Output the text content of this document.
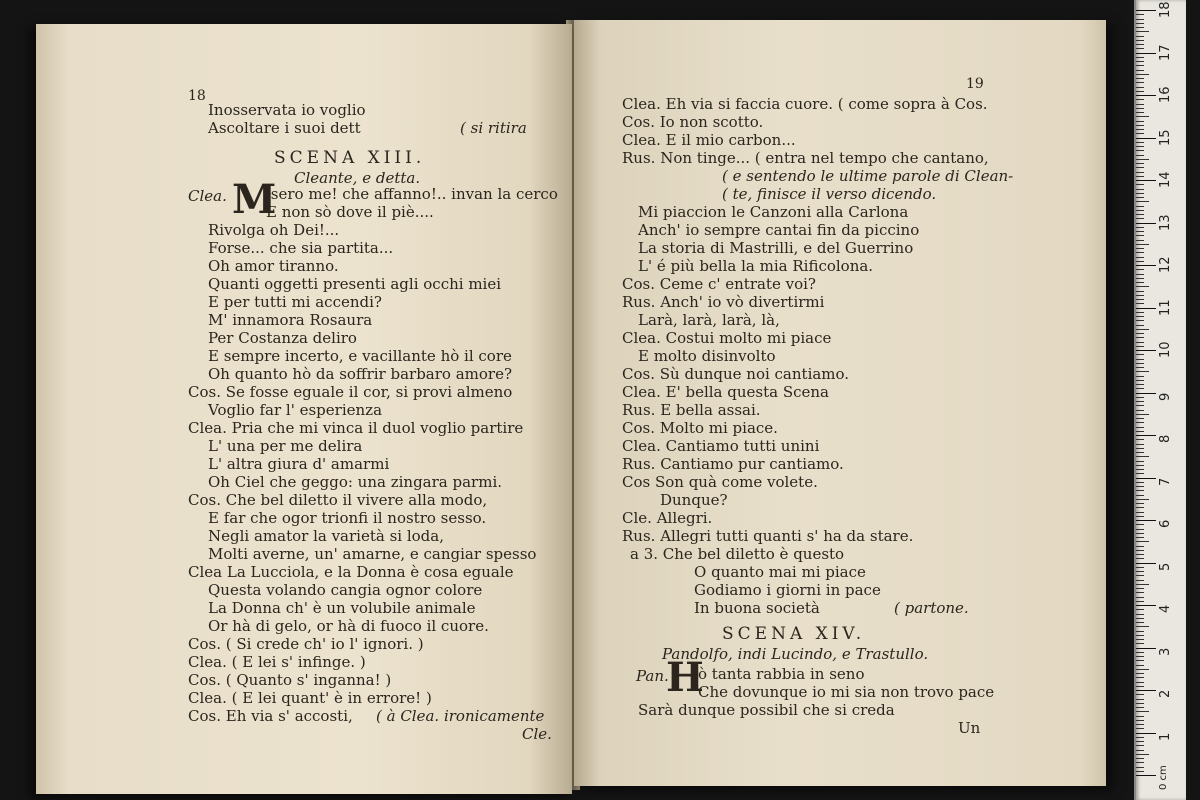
18
Inosservata io voglio
Ascoltare i suoi dett	( si ritira
SCENA XIII.
Cleante, e detta.
Clea. M
isero me! che affanno!.. invan la cerco
E non sò dove il piè....
Rivolga oh Dei!...
Forse... che sia partita...
Oh amor tiranno.
Quanti oggetti presenti agli occhi miei
E per tutti mi accendi?
M' innamora Rosaura
Per Costanza deliro
E sempre incerto, e vacillante hò il core
Oh quanto hò da soffrir barbaro amore?
Cos. Se fosse eguale il cor, si provi almeno
Voglio far l' esperienza
Clea. Pria che mi vinca il duol voglio partire
L' una per me delira
L' altra giura d' amarmi
Oh Ciel che geggo: una zingara parmi.
Cos. Che bel diletto il vivere alla modo,
E far che ogor trionfi il nostro sesso.
Negli amator la varietà si loda,
Molti averne, un' amarne, e cangiar spesso
Clea La Lucciola, e la Donna è cosa eguale
Questa volando cangia ognor colore
La Donna ch' è un volubile animale
Or hà di gelo, or hà di fuoco il cuore.
Cos. ( Si crede ch' io l' ignori. )
Clea. ( E lei s' infinge. )
Cos. ( Quanto s' inganna! )
Clea. ( E lei quant' è in errore! )
Cos. Eh via s' accosti, ( à Clea. ironicamente
Cle.
19
Clea. Eh via si faccia cuore. ( come sopra à Cos.
Cos. Io non scotto.
Clea. E il mio carbon...
Rus. Non tinge... ( entra nel tempo che cantano,
( e sentendo le ultime parole di Clean-
( te, finisce il verso dicendo.
Mi piaccion le Canzoni alla Carlona
Anch' io sempre cantai fin da piccino
La storia di Mastrilli, e del Guerrino
L' é più bella la mia Rificolona.
Cos. Ceme c' entrate voi?
Rus. Anch' io vò divertirmi
Larà, larà, larà, là,
Clea. Costui molto mi piace
E molto disinvolto
Cos. Sù dunque noi cantiamo.
Clea. E' bella questa Scena
Rus. E bella assai.
Cos. Molto mi piace.
Clea. Cantiamo tutti unini
Rus. Cantiamo pur cantiamo.
Cos Son quà come volete.
Dunque?
Cle. Allegri.
Rus. Allegri tutti quanti s' ha da stare.
a 3. Che bel diletto è questo
O quanto mai mi piace
Godiamo i giorni in pace
In buona società	( partone.
SCENA XIV.
Pandolfo, indi Lucindo, e Trastullo.
Pan.
H
ò tanta rabbia in seno
Che dovunque io mi sia non trovo pace
Sarà dunque possibil che si creda
Un
0 cm
1
2
3
4
5
6
7
8
9
10
11
12
13
14
15
16
17
18
